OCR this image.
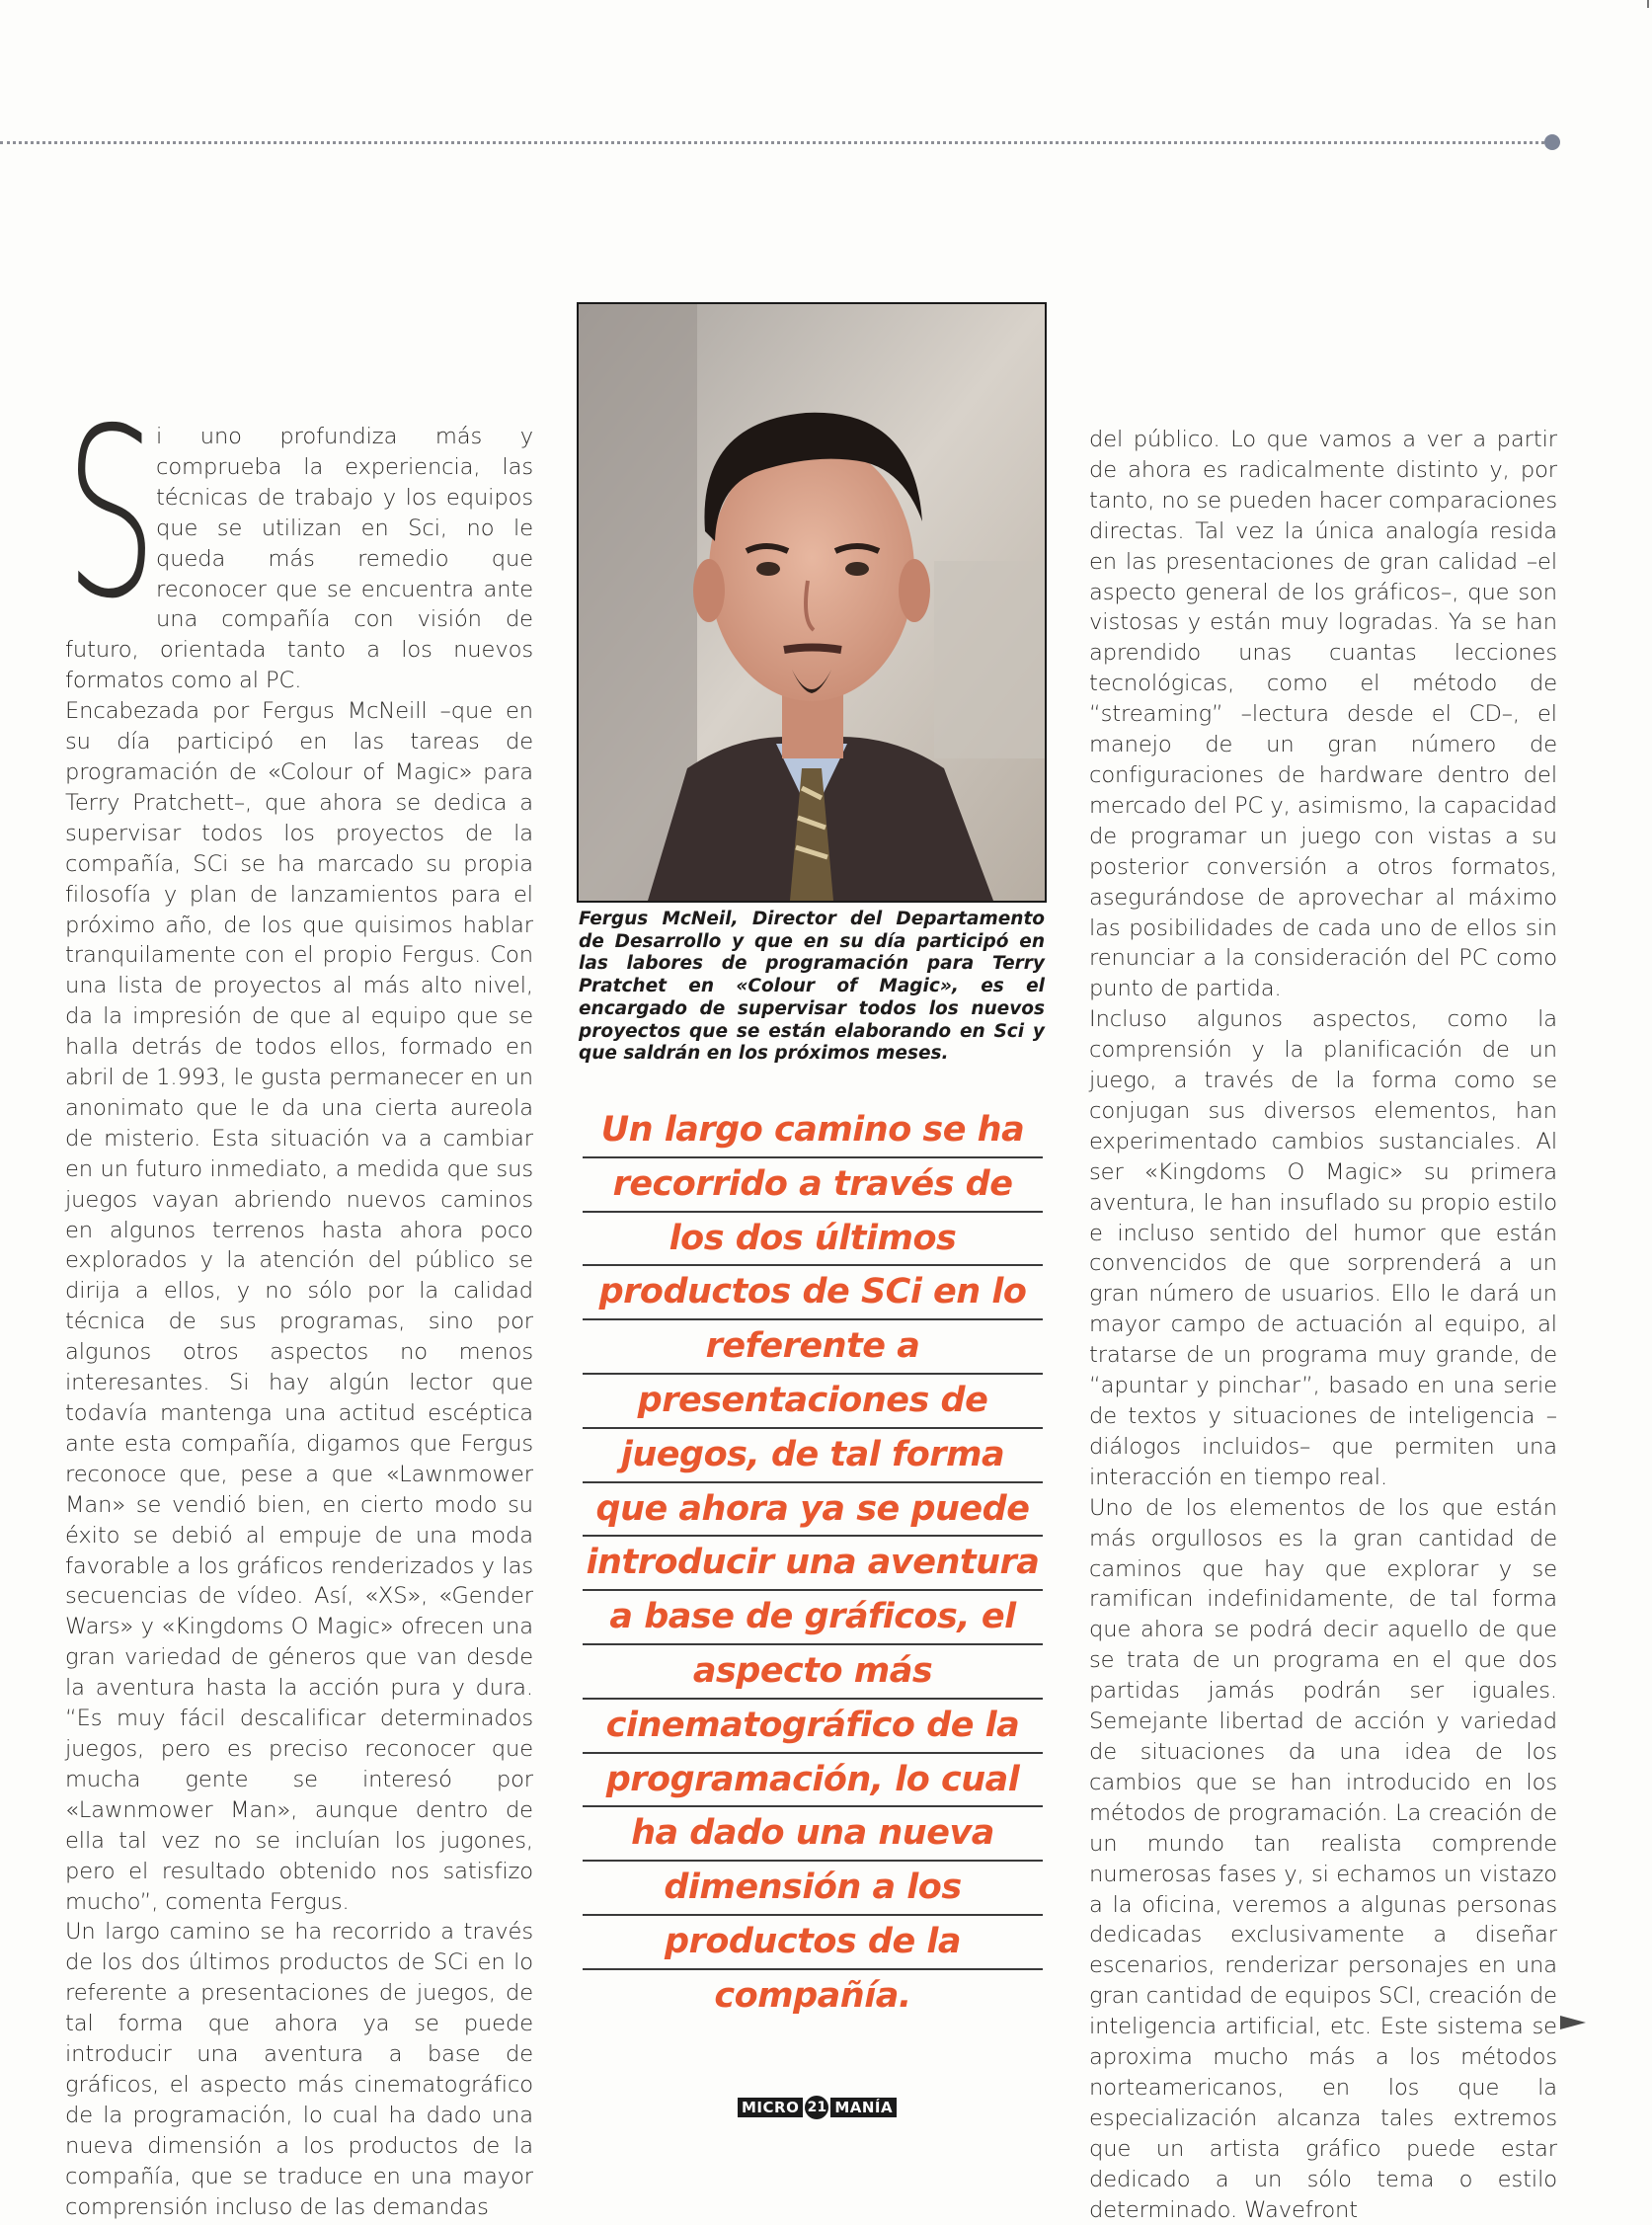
S i uno profundiza más y comprueba la experiencia, las técnicas de trabajo y los equipos que se utilizan en Sci, no le queda más remedio que reconocer que se encuentra ante una compañía con visión de futuro, orientada tanto a los nuevos formatos como al PC.

Encabezada por Fergus McNeill –que en su día participó en las tareas de programación de «Colour of Magic» para Terry Pratchett–, que ahora se dedica a supervisar todos los proyectos de la compañía, SCi se ha marcado su propia filosofía y plan de lanzamientos para el próximo año, de los que quisimos hablar tranquilamente con el propio Fergus. Con una lista de proyectos al más alto nivel, da la impresión de que al equipo que se halla detrás de todos ellos, formado en abril de 1.993, le gusta permanecer en un anonimato que le da una cierta aureola de misterio. Esta situación va a cambiar en un futuro inmediato, a medida que sus juegos vayan abriendo nuevos caminos en algunos terrenos hasta ahora poco explorados y la atención del público se dirija a ellos, y no sólo por la calidad técnica de sus programas, sino por algunos otros aspectos no menos interesantes. Si hay algún lector que todavía mantenga una actitud escéptica ante esta compañía, digamos que Fergus reconoce que, pese a que «Lawnmower Man» se vendió bien, en cierto modo su éxito se debió al empuje de una moda favorable a los gráficos renderizados y las secuencias de vídeo. Así, «XS», «Gender Wars» y «Kingdoms O Magic» ofrecen una gran variedad de géneros que van desde la aventura hasta la acción pura y dura. “Es muy fácil descalificar determinados juegos, pero es preciso reconocer que mucha gente se interesó por «Lawnmower Man», aunque dentro de ella tal vez no se incluían los jugones, pero el resultado obtenido nos satisfizo mucho”, comenta Fergus.

Un largo camino se ha recorrido a través de los dos últimos productos de SCi en lo referente a presentaciones de juegos, de tal forma que ahora ya se puede introducir una aventura a base de gráficos, el aspecto más cinematográfico de la programación, lo cual ha dado una nueva dimensión a los productos de la compañía, que se traduce en una mayor comprensión incluso de las demandas

Fergus McNeil, Director del Departamento de Desarrollo y que en su día participó en las labores de programación para Terry Pratchet en «Colour of Magic», es el encargado de supervisar todos los nuevos proyectos que se están elaborando en Sci y que saldrán en los próximos meses.

Un largo camino se ha
recorrido a través de
los dos últimos
productos de SCi en lo
referente a
presentaciones de
juegos, de tal forma
que ahora ya se puede
introducir una aventura
a base de gráficos, el
aspecto más
cinematográfico de la
programación, lo cual
ha dado una nueva
dimensión a los
productos de la
compañía.

del público. Lo que vamos a ver a partir de ahora es radicalmente distinto y, por tanto, no se pueden hacer comparaciones directas. Tal vez la única analogía resida en las presentaciones de gran calidad –el aspecto general de los gráficos–, que son vistosas y están muy logradas. Ya se han aprendido unas cuantas lecciones tecnológicas, como el método de “streaming” –lectura desde el CD–, el manejo de un gran número de configuraciones de hardware dentro del mercado del PC y, asimismo, la capacidad de programar un juego con vistas a su posterior conversión a otros formatos, asegurándose de aprovechar al máximo las posibilidades de cada uno de ellos sin renunciar a la consideración del PC como punto de partida.

Incluso algunos aspectos, como la comprensión y la planificación de un juego, a través de la forma como se conjugan sus diversos elementos, han experimentado cambios sustanciales. Al ser «Kingdoms O Magic» su primera aventura, le han insuflado su propio estilo e incluso sentido del humor que están convencidos de que sorprenderá a un gran número de usuarios. Ello le dará un mayor campo de actuación al equipo, al tratarse de un programa muy grande, de “apuntar y pinchar”, basado en una serie de textos y situaciones de inteligencia –diálogos incluidos– que permiten una interacción en tiempo real.

Uno de los elementos de los que están más orgullosos es la gran cantidad de caminos que hay que explorar y se ramifican indefinidamente, de tal forma que ahora se podrá decir aquello de que se trata de un programa en el que dos partidas jamás podrán ser iguales. Semejante libertad de acción y variedad de situaciones da una idea de los cambios que se han introducido en los métodos de programación. La creación de un mundo tan realista comprende numerosas fases y, si echamos un vistazo a la oficina, veremos a algunas personas dedicadas exclusivamente a diseñar escenarios, renderizar personajes en una gran cantidad de equipos SCI, creación de inteligencia artificial, etc. Este sistema se aproxima mucho más a los métodos norteamericanos, en los que la especialización alcanza tales extremos que un artista gráfico puede estar dedicado a un sólo tema o estilo determinado. Wavefront

MICRO 21 MANÍA
